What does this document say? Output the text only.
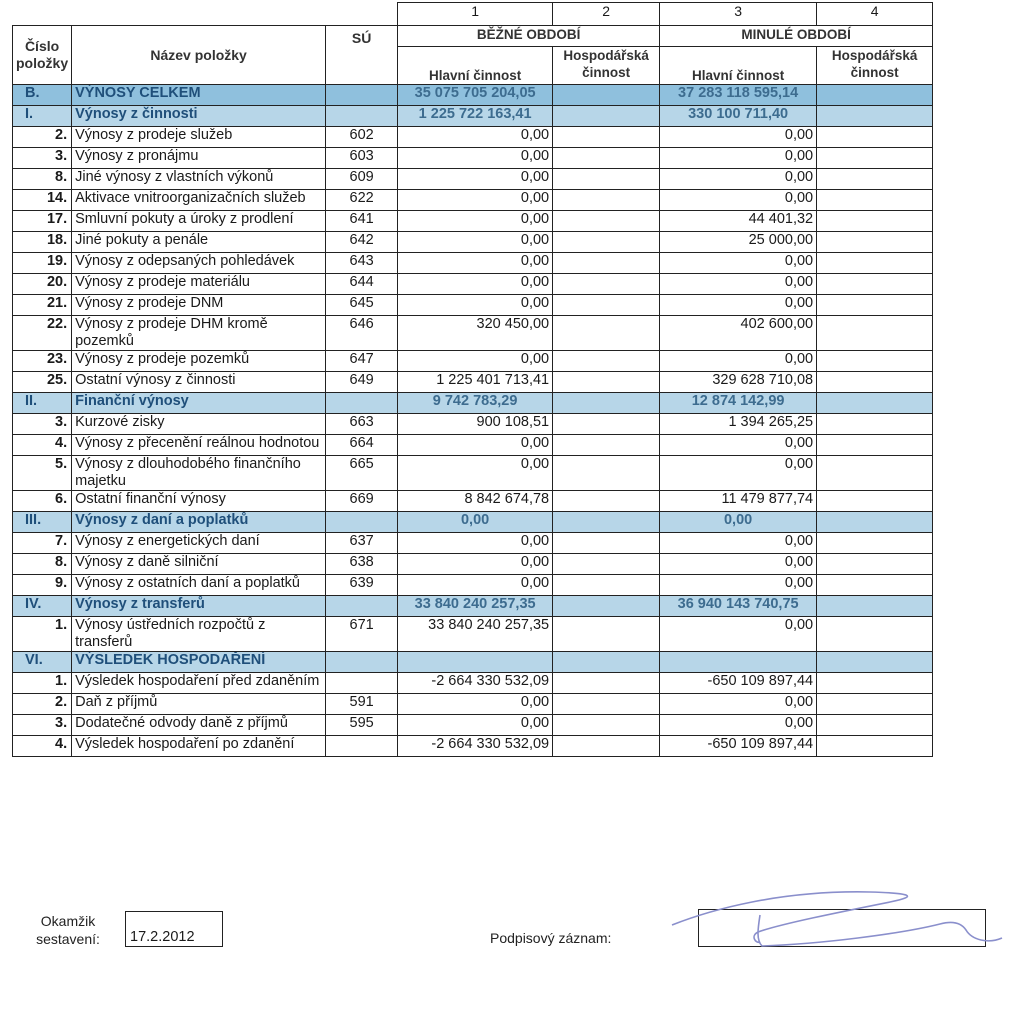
			1	2	3	4
Číslo položky	Název položky	SÚ	BĚŽNÉ OBDOBÍ		MINULÉ OBDOBÍ	
			Hlavní činnost	Hospodářská činnost	Hlavní činnost	Hospodářská činnost
B.	VÝNOSY CELKEM		35 075 705 204,05		37 283 118 595,14	
I.	Výnosy z činnosti		1 225 722 163,41		330 100 711,40	
2.	Výnosy z prodeje služeb	602	0,00		0,00	
3.	Výnosy z pronájmu	603	0,00		0,00	
8.	Jiné výnosy z vlastních výkonů	609	0,00		0,00	
14.	Aktivace vnitroorganizačních služeb	622	0,00		0,00	
17.	Smluvní pokuty a úroky z prodlení	641	0,00		44 401,32	
18.	Jiné pokuty a penále	642	0,00		25 000,00	
19.	Výnosy z odepsaných pohledávek	643	0,00		0,00	
20.	Výnosy z prodeje materiálu	644	0,00		0,00	
21.	Výnosy z prodeje DNM	645	0,00		0,00	
22.	Výnosy z prodeje DHM kromě pozemků	646	320 450,00		402 600,00	
23.	Výnosy z prodeje pozemků	647	0,00		0,00	
25.	Ostatní výnosy z činnosti	649	1 225 401 713,41		329 628 710,08	
II.	Finanční výnosy		9 742 783,29		12 874 142,99	
3.	Kurzové zisky	663	900 108,51		1 394 265,25	
4.	Výnosy z přecenění reálnou hodnotou	664	0,00		0,00	
5.	Výnosy z dlouhodobého finančního majetku	665	0,00		0,00	
6.	Ostatní finanční výnosy	669	8 842 674,78		11 479 877,74	
III.	Výnosy z daní a poplatků		0,00		0,00	
7.	Výnosy z energetických daní	637	0,00		0,00	
8.	Výnosy z daně silniční	638	0,00		0,00	
9.	Výnosy z ostatních daní a poplatků	639	0,00		0,00	
IV.	Výnosy z transferů		33 840 240 257,35		36 940 143 740,75	
1.	Výnosy ústředních rozpočtů z transferů	671	33 840 240 257,35		0,00	
VI.	VÝSLEDEK HOSPODAŘENÍ					
1.	Výsledek hospodaření před zdaněním		-2 664 330 532,09		-650 109 897,44	
2.	Daň z příjmů	591	0,00		0,00	
3.	Dodatečné odvody daně z příjmů	595	0,00		0,00	
4.	Výsledek hospodaření po zdanění		-2 664 330 532,09		-650 109 897,44	
Okamžik sestavení:	17.2.2012	Podpisový záznam:
